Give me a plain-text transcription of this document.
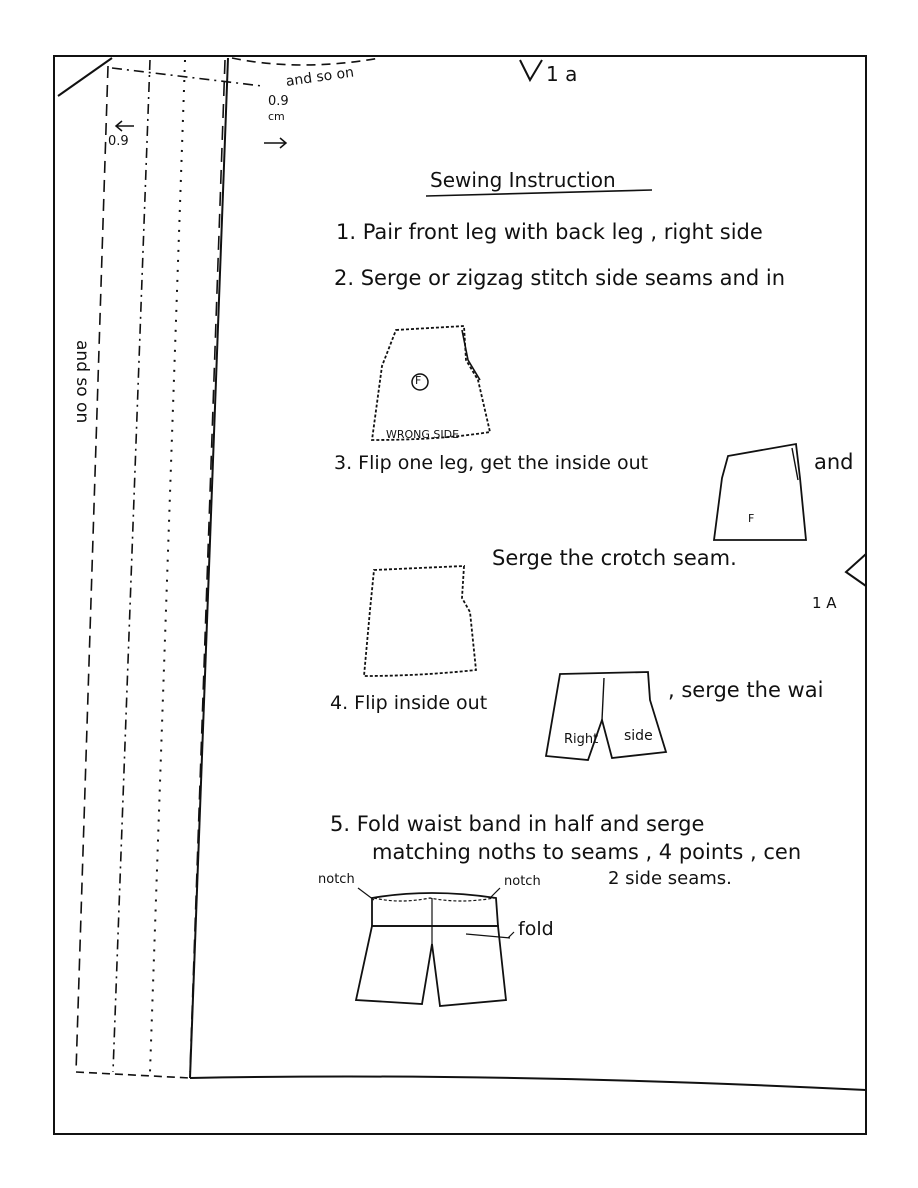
1 a
and so on
0.9
cm
0.9
and so on
Sewing Instruction
1. Pair front leg with back leg , right side
2. Serge or zigzag stitch side seams and in
F
WRONG SIDE
3. Flip one leg, get the inside out	and
F
Serge the crotch seam.
1 A
4. Flip inside out
, serge the wai
Right side
5. Fold waist band in half and serge
matching noths to seams , 4 points , cen
2 side seams.
notch	notch
fold
